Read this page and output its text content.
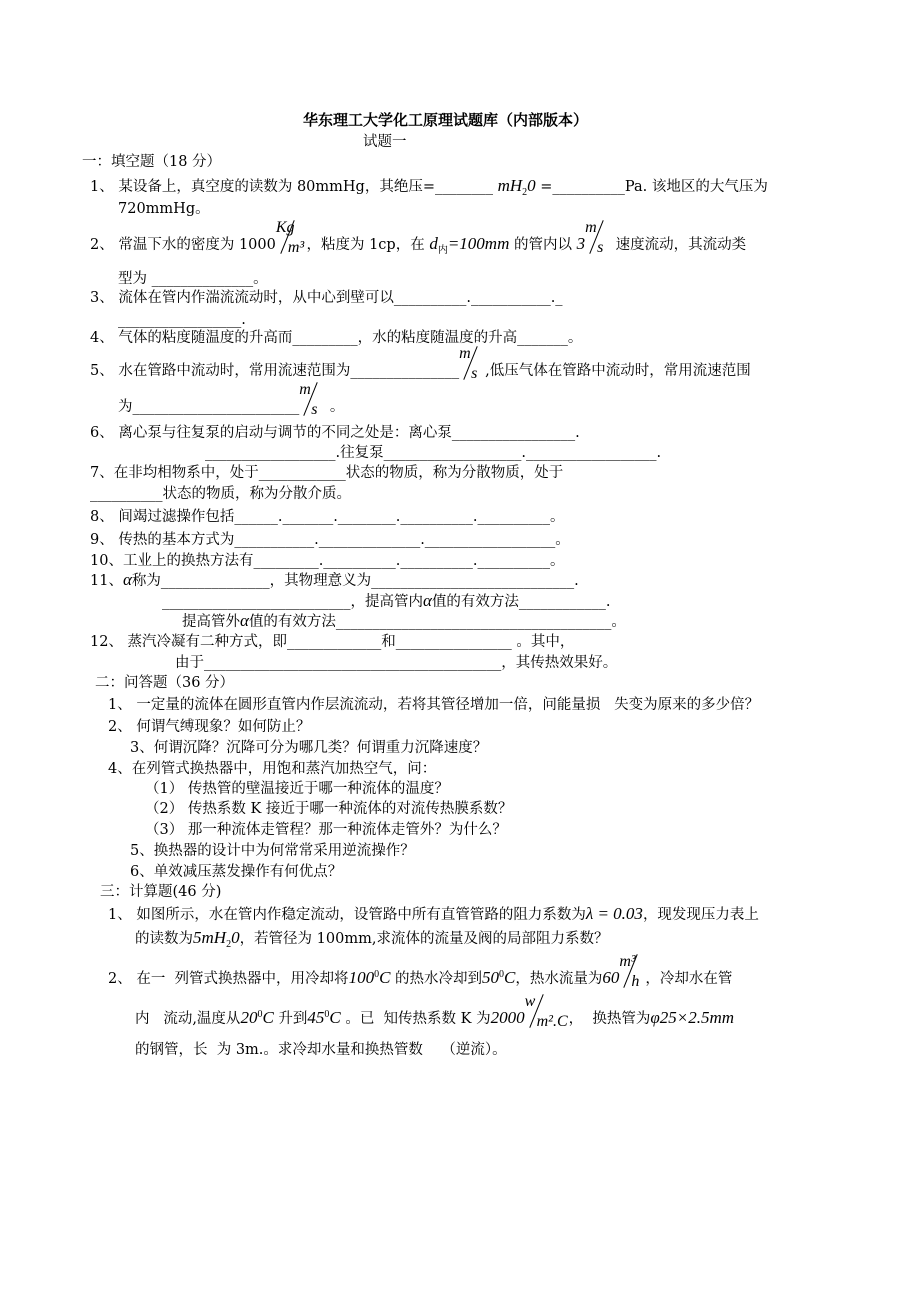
华东理工大学化工原理试题库（内部版本）
试题一
一：填空题（18 分）
1、 某设备上，真空度的读数为 80mmHg，其绝压=________ $mH_20$ =__________Pa. 该地区的大气压为
720mmHg。
2、 常温下水的密度为 1000
Kg
m³
，粘度为 1cp，在 $d_内=100mm$ 的管内以 3
m
s 速度流动，其流动类
型为 ______________。
3、 流体在管内作湍流流动时，从中心到壁可以__________.___________._
_________________.
4、 气体的粘度随温度的升高而_________，水的粘度随温度的升高_______。
5、 水在管路中流动时，常用流速范围为_______________
m
s ,低压气体在管路中流动时，常用流速范围
为_______________________
m
s 。
6、 离心泵与往复泵的启动与调节的不同之处是：离心泵_________________.
__________________.往复泵___________________.__________________.
7、在非均相物系中，处于____________状态的物质，称为分散物质，处于
__________状态的物质，称为分散介质。
8、 间竭过滤操作包括______._______.________.__________.__________。
9、 传热的基本方式为___________.______________.__________________。
10、工业上的换热方法有_________.__________.__________.__________。
11、α称为_______________，其物理意义为____________________________.
__________________________，提高管内α值的有效方法____________.
提高管外α值的有效方法______________________________________。
12、 蒸汽冷凝有二种方式，即_____________和________________ 。其中，
由于_________________________________________，其传热效果好。
二：问答题（36 分）
1、 一定量的流体在圆形直管内作层流流动，若将其管径增加一倍，问能量损   失变为原来的多少倍？
2、 何谓气缚现象？如何防止？
3、何谓沉降？沉降可分为哪几类？何谓重力沉降速度？
4、在列管式换热器中，用饱和蒸汽加热空气，问：
（1） 传热管的壁温接近于哪一种流体的温度？
（2） 传热系数 K 接近于哪一种流体的对流传热膜系数？
（3） 那一种流体走管程？那一种流体走管外？为什么？
5、换热器的设计中为何常常采用逆流操作？
6、单效减压蒸发操作有何优点？
三：计算题(46 分)
1、 如图所示，水在管内作稳定流动，设管路中所有直管管路的阻力系数为λ = 0.03，现发现压力表上
的读数为$5mH_20$，若管径为 100mm,求流体的流量及阀的局部阻力系数？
2、 在一  列管式换热器中，用冷却将$100^0C$ 的热水冷却到$50^0C$，热水流量为60
m³
h ，冷却水在管
内   流动,温度从$20^0C$ 升到$45^0C$ 。已  知传热系数 K 为2000
w
m².C ，  换热管为φ25×2.5mm
的钢管，长  为 3m.。求冷却水量和换热管数    （逆流）。
